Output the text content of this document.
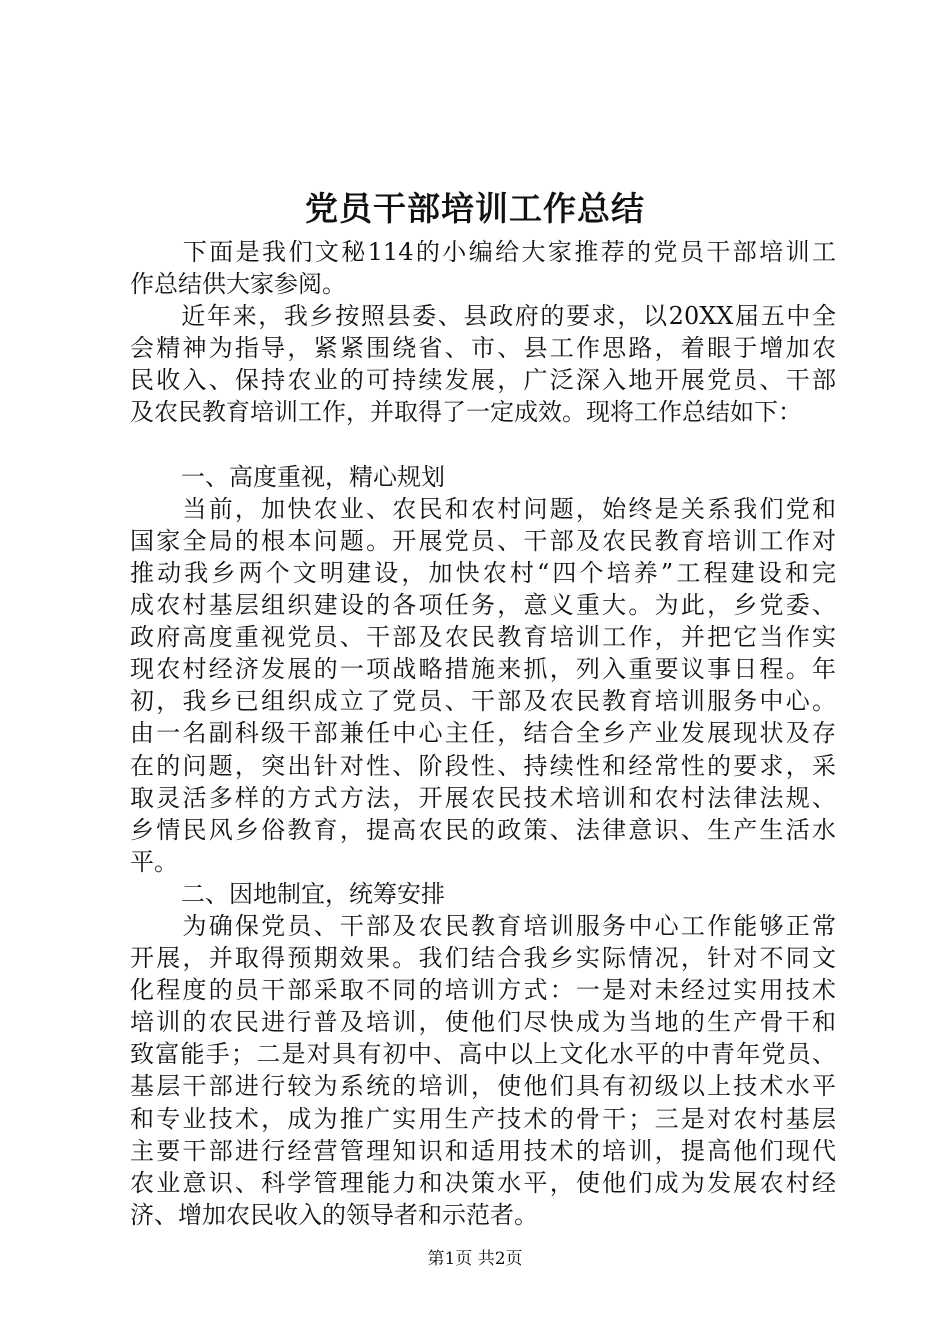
党员干部培训工作总结
　　下面是我们文秘114的小编给大家推荐的党员干部培训工
作总结供大家参阅。
　　近年来，我乡按照县委、县政府的要求，以20XX届五中全
会精神为指导，紧紧围绕省、市、县工作思路，着眼于增加农
民收入、保持农业的可持续发展，广泛深入地开展党员、干部
及农民教育培训工作，并取得了一定成效。现将工作总结如下：
一、高度重视，精心规划
　　当前，加快农业、农民和农村问题，始终是关系我们党和
国家全局的根本问题。开展党员、干部及农民教育培训工作对
推动我乡两个文明建设，加快农村“四个培养”工程建设和完
成农村基层组织建设的各项任务，意义重大。为此，乡党委、
政府高度重视党员、干部及农民教育培训工作，并把它当作实
现农村经济发展的一项战略措施来抓，列入重要议事日程。年
初，我乡已组织成立了党员、干部及农民教育培训服务中心。
由一名副科级干部兼任中心主任，结合全乡产业发展现状及存
在的问题，突出针对性、阶段性、持续性和经常性的要求，采
取灵活多样的方式方法，开展农民技术培训和农村法律法规、
乡情民风乡俗教育，提高农民的政策、法律意识、生产生活水
平。
二、因地制宜，统筹安排
　　为确保党员、干部及农民教育培训服务中心工作能够正常
开展，并取得预期效果。我们结合我乡实际情况，针对不同文
化程度的员干部采取不同的培训方式：一是对未经过实用技术
培训的农民进行普及培训，使他们尽快成为当地的生产骨干和
致富能手；二是对具有初中、高中以上文化水平的中青年党员、
基层干部进行较为系统的培训，使他们具有初级以上技术水平
和专业技术，成为推广实用生产技术的骨干；三是对农村基层
主要干部进行经营管理知识和适用技术的培训，提高他们现代
农业意识、科学管理能力和决策水平，使他们成为发展农村经
济、增加农民收入的领导者和示范者。
第1页 共2页
